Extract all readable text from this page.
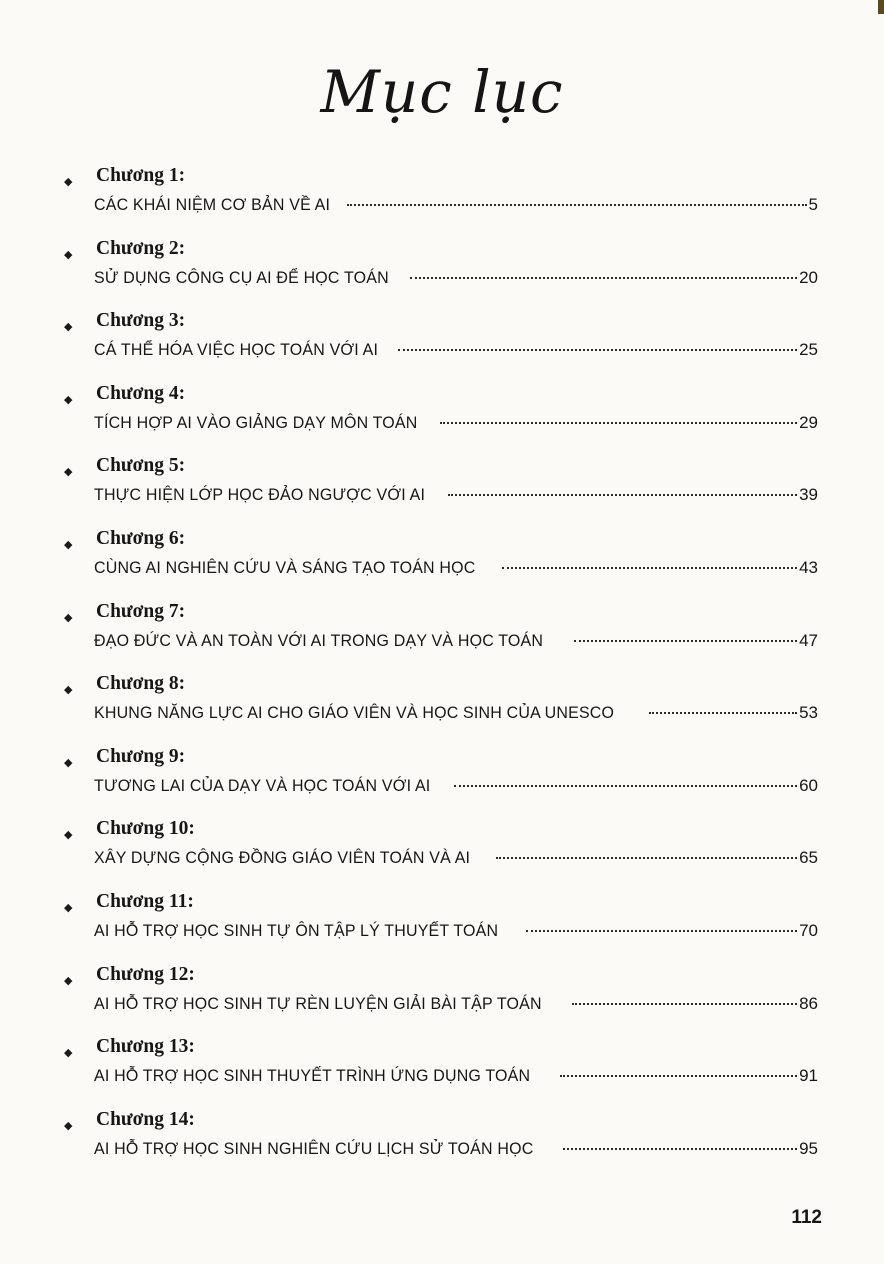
Mục lục
◆ Chương 1:
CÁC KHÁI NIỆM CƠ BẢN VỀ AI	5
◆ Chương 2:
SỬ DỤNG CÔNG CỤ AI ĐỂ HỌC TOÁN	20
◆ Chương 3:
CÁ THỂ HÓA VIỆC HỌC TOÁN VỚI AI	25
◆ Chương 4:
TÍCH HỢP AI VÀO GIẢNG DẠY MÔN TOÁN	29
◆ Chương 5:
THỰC HIỆN LỚP HỌC ĐẢO NGƯỢC VỚI AI	39
◆ Chương 6:
CÙNG AI NGHIÊN CỨU VÀ SÁNG TẠO TOÁN HỌC	43
◆ Chương 7:
ĐẠO ĐỨC VÀ AN TOÀN VỚI AI TRONG DẠY VÀ HỌC TOÁN	47
◆ Chương 8:
KHUNG NĂNG LỰC AI CHO GIÁO VIÊN VÀ HỌC SINH CỦA UNESCO	53
◆ Chương 9:
TƯƠNG LAI CỦA DẠY VÀ HỌC TOÁN VỚI AI	60
◆ Chương 10:
XÂY DỰNG CỘNG ĐỒNG GIÁO VIÊN TOÁN VÀ AI	65
◆ Chương 11:
AI HỖ TRỢ HỌC SINH TỰ ÔN TẬP LÝ THUYẾT TOÁN	70
◆ Chương 12:
AI HỖ TRỢ HỌC SINH TỰ RÈN LUYỆN GIẢI BÀI TẬP TOÁN	86
◆ Chương 13:
AI HỖ TRỢ HỌC SINH THUYẾT TRÌNH ỨNG DỤNG TOÁN	91
◆ Chương 14:
AI HỖ TRỢ HỌC SINH NGHIÊN CỨU LỊCH SỬ TOÁN HỌC	95
112
